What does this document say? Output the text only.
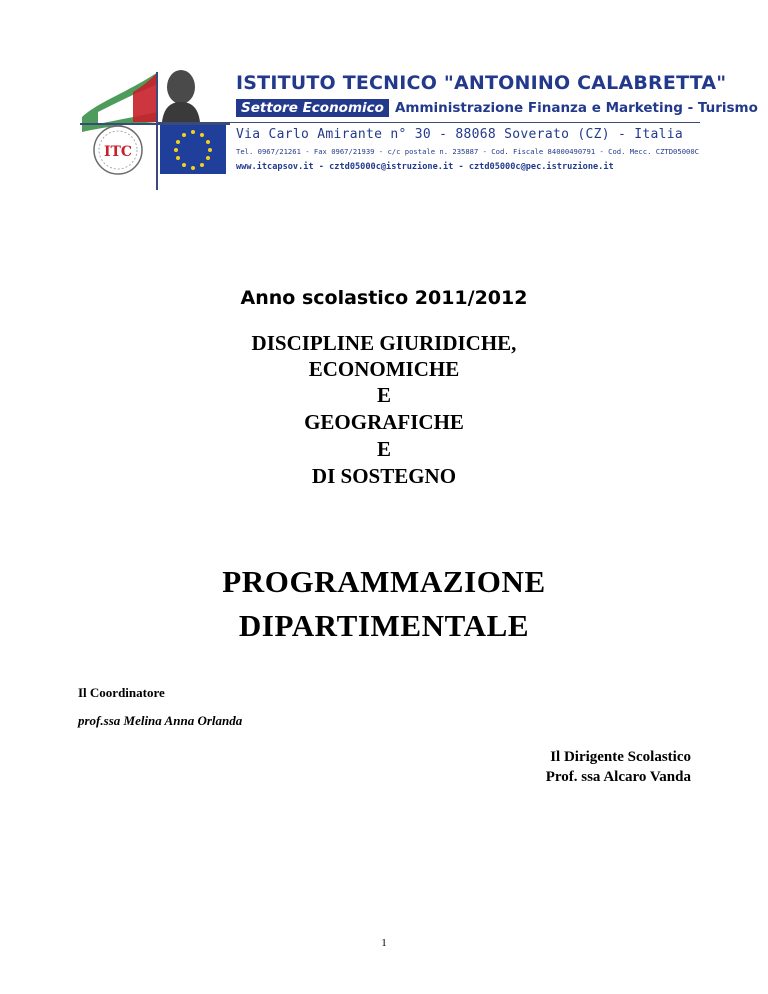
ITC
ISTITUTO TECNICO "ANTONINO CALABRETTA"
Settore Economico Amministrazione Finanza e Marketing - Turismo
Via Carlo Amirante n° 30 - 88068 Soverato (CZ) - Italia
Tel. 0967/21261 - Fax 0967/21939 - c/c postale n. 235887 - Cod. Fiscale 84000490791 - Cod. Mecc. CZTD05000C
www.itcapsov.it - cztd05000c@istruzione.it - cztd05000c@pec.istruzione.it
Anno scolastico 2011/2012
DISCIPLINE GIURIDICHE,
ECONOMICHE
E
GEOGRAFICHE
E
DI SOSTEGNO
PROGRAMMAZIONE
DIPARTIMENTALE
Il Coordinatore
prof.ssa Melina Anna Orlanda
Il Dirigente Scolastico
Prof. ssa Alcaro Vanda
1
